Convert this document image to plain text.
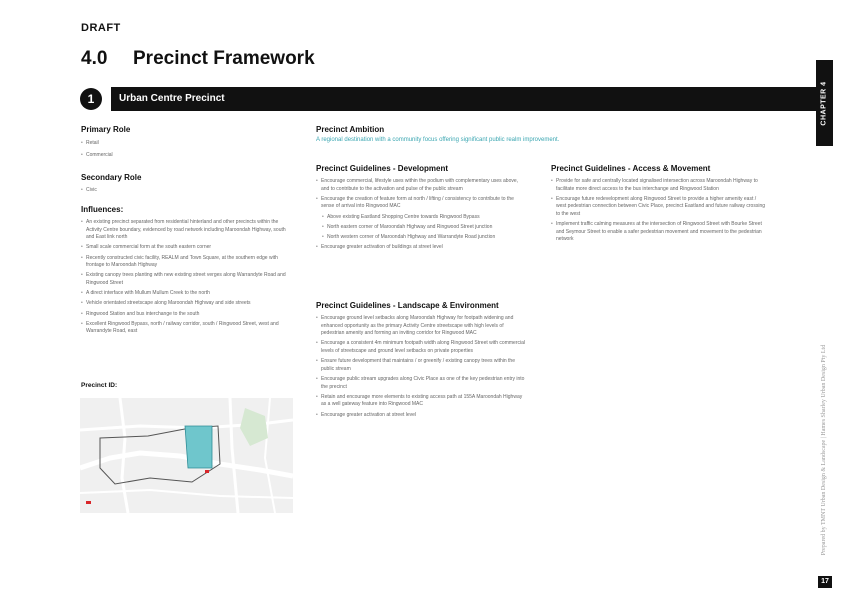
DRAFT
4.0	Precinct Framework
Urban Centre Precinct
1	CHAPTER 4
Prepared by TMNT Urban Design & Landscape | Hames Sharley Urban Design Pty Ltd
17
Primary Role
• Retail
• Commercial
Secondary Role
• Civic
Influences:
• An existing precinct separated from residential hinterland and other precincts within the Activity Centre boundary, evidenced by road network including Maroondah Highway, south and East link north
• Small scale commercial form at the south eastern corner
• Recently constructed civic facility, REALM and Town Square, at the southern edge with frontage to Maroondah Highway
• Existing canopy trees planting with new existing street verges along Warrandyte Road and Ringwood Street
• A direct interface with Mullum Mullum Creek to the north
• Vehicle orientated streetscape along Maroondah Highway and side streets
• Ringwood Station and bus interchange to the south
• Excellent Ringwood Bypass, north / railway corridor, south / Ringwood Street, west and Warrandyte Road, east
Precinct ID:
Precinct Ambition
A regional destination with a community focus offering significant public realm improvement.
Precinct Guidelines - Development
• Encourage commercial, lifestyle uses within the podium with complementary uses above, and to contribute to the activation and pulse of the public stream
• Encourage the creation of feature form at north / lifting / consistency to contribute to the sense of arrival into Ringwood MAC
• Above existing Eastland Shopping Centre towards Ringwood Bypass
• North eastern corner of Maroondah Highway and Ringwood Street junction
• North western corner of Maroondah Highway and Warrandyte Road junction
• Encourage greater activation of buildings at street level
Precinct Guidelines - Landscape & Environment
• Encourage ground level setbacks along Maroondah Highway for footpath widening and enhanced opportunity as the primary Activity Centre streetscape with high levels of pedestrian amenity and forming an inviting corridor for Ringwood MAC
• Encourage a consistent 4m minimum footpath width along Ringwood Street with commercial levels of streetscape and ground level setbacks on private properties
• Ensure future development that maintains / or greenify / existing canopy trees within the public stream
• Encourage public stream upgrades along Civic Place as one of the key pedestrian entry into the precinct
• Retain and encourage more elements to existing access path at 155A Maroondah Highway as a well gateway feature into Ringwood MAC
• Encourage greater activation at street level
Precinct Guidelines - Access & Movement
• Provide for safe and centrally located signalised intersection across Maroondah Highway to facilitate more direct access to the bus interchange and Ringwood Station
• Encourage future redevelopment along Ringwood Street to provide a higher amenity east / west pedestrian connection between Civic Place, precinct Eastland and future railway crossing to the west
• Implement traffic calming measures at the intersection of Ringwood Street with Bourke Street and Seymour Street to enable a safer pedestrian movement and movement to the pedestrian network
